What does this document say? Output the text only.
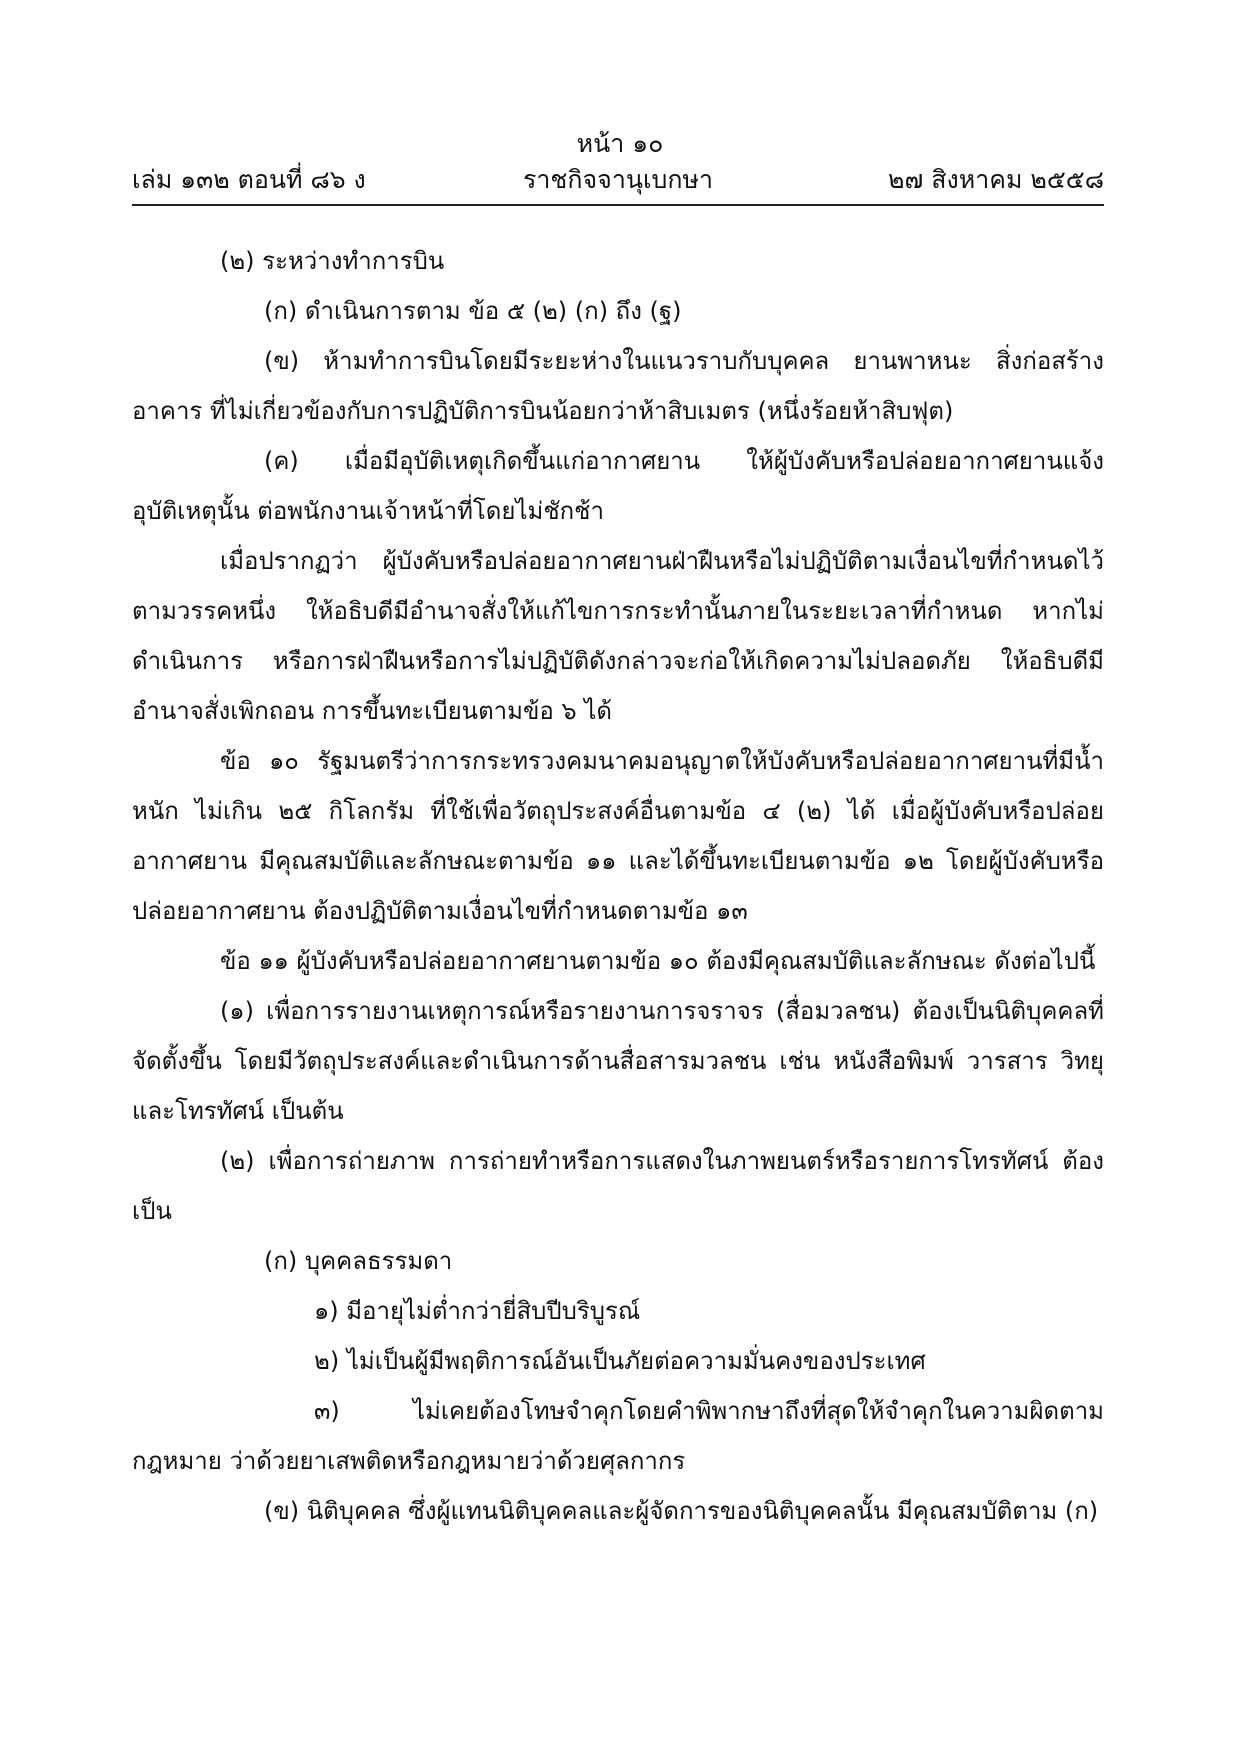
หน้า ๑๐
ราชกิจจานุเบกษา
เล่ม ๑๓๒ ตอนที่ ๘๖ ง	๒๗ สิงหาคม ๒๕๕๘

(๒) ระหว่างทำการบิน

(ก) ดำเนินการตาม ข้อ ๕ (๒) (ก) ถึง (ฐ)

(ข) ห้ามทำการบินโดยมีระยะห่างในแนวราบกับบุคคล ยานพาหนะ สิ่งก่อสร้าง อาคาร ที่ไม่เกี่ยวข้องกับการปฏิบัติการบินน้อยกว่าห้าสิบเมตร (หนึ่งร้อยห้าสิบฟุต)

(ค) เมื่อมีอุบัติเหตุเกิดขึ้นแก่อากาศยาน ให้ผู้บังคับหรือปล่อยอากาศยานแจ้งอุบัติเหตุนั้น ต่อพนักงานเจ้าหน้าที่โดยไม่ชักช้า

เมื่อปรากฏว่า ผู้บังคับหรือปล่อยอากาศยานฝ่าฝืนหรือไม่ปฏิบัติตามเงื่อนไขที่กำหนดไว้ ตามวรรคหนึ่ง ให้อธิบดีมีอำนาจสั่งให้แก้ไขการกระทำนั้นภายในระยะเวลาที่กำหนด หากไม่ดำเนินการ หรือการฝ่าฝืนหรือการไม่ปฏิบัติดังกล่าวจะก่อให้เกิดความไม่ปลอดภัย ให้อธิบดีมีอำนาจสั่งเพิกถอน การขึ้นทะเบียนตามข้อ ๖ ได้

ข้อ ๑๐ รัฐมนตรีว่าการกระทรวงคมนาคมอนุญาตให้บังคับหรือปล่อยอากาศยานที่มีน้ำหนัก ไม่เกิน ๒๕ กิโลกรัม ที่ใช้เพื่อวัตถุประสงค์อื่นตามข้อ ๔ (๒) ได้ เมื่อผู้บังคับหรือปล่อยอากาศยาน มีคุณสมบัติและลักษณะตามข้อ ๑๑ และได้ขึ้นทะเบียนตามข้อ ๑๒ โดยผู้บังคับหรือปล่อยอากาศยาน ต้องปฏิบัติตามเงื่อนไขที่กำหนดตามข้อ ๑๓

ข้อ ๑๑ ผู้บังคับหรือปล่อยอากาศยานตามข้อ ๑๐ ต้องมีคุณสมบัติและลักษณะ ดังต่อไปนี้

(๑) เพื่อการรายงานเหตุการณ์หรือรายงานการจราจร (สื่อมวลชน) ต้องเป็นนิติบุคคลที่จัดตั้งขึ้น โดยมีวัตถุประสงค์และดำเนินการด้านสื่อสารมวลชน เช่น หนังสือพิมพ์ วารสาร วิทยุ และโทรทัศน์ เป็นต้น

(๒) เพื่อการถ่ายภาพ การถ่ายทำหรือการแสดงในภาพยนตร์หรือรายการโทรทัศน์ ต้องเป็น

(ก) บุคคลธรรมดา

๑) มีอายุไม่ต่ำกว่ายี่สิบปีบริบูรณ์

๒) ไม่เป็นผู้มีพฤติการณ์อันเป็นภัยต่อความมั่นคงของประเทศ

๓) ไม่เคยต้องโทษจำคุกโดยคำพิพากษาถึงที่สุดให้จำคุกในความผิดตามกฎหมาย ว่าด้วยยาเสพติดหรือกฎหมายว่าด้วยศุลกากร

(ข) นิติบุคคล ซึ่งผู้แทนนิติบุคคลและผู้จัดการของนิติบุคคลนั้น มีคุณสมบัติตาม (ก)
